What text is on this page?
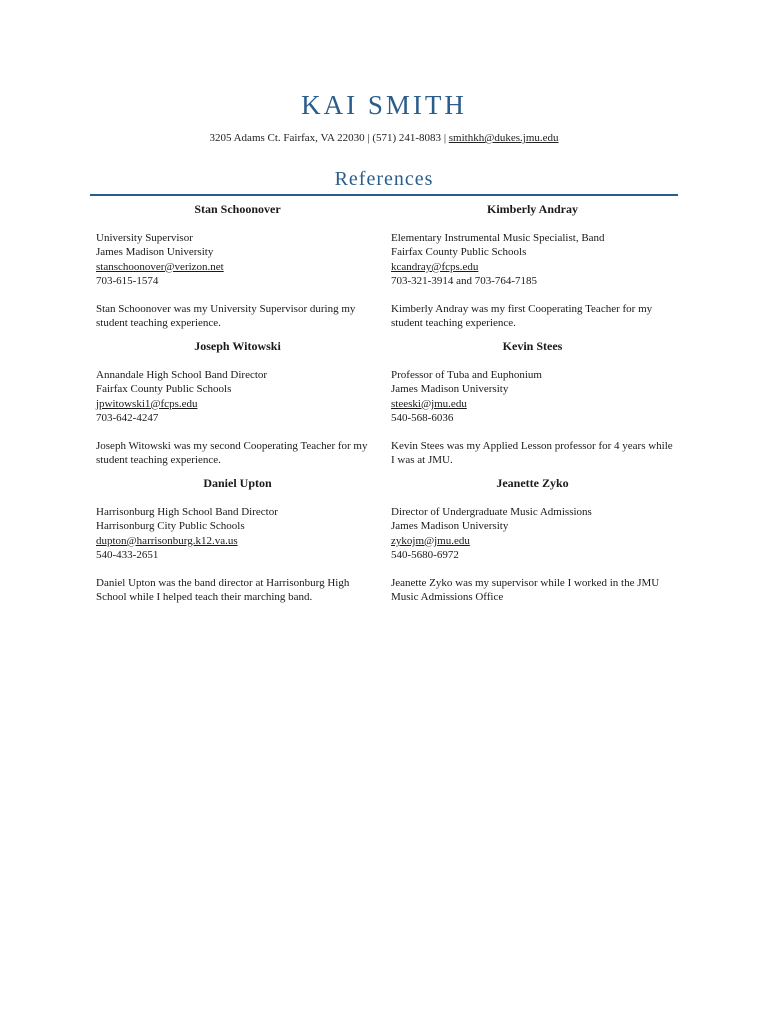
KAI SMITH
3205 Adams Ct. Fairfax, VA 22030 | (571) 241-8083 | smithkh@dukes.jmu.edu
References
Stan Schoonover
University Supervisor
James Madison University
stanschoonover@verizon.net
703-615-1574
Stan Schoonover was my University Supervisor during my student teaching experience.
Kimberly Andray
Elementary Instrumental Music Specialist, Band
Fairfax County Public Schools
kcandray@fcps.edu
703-321-3914 and 703-764-7185
Kimberly Andray was my first Cooperating Teacher for my student teaching experience.
Joseph Witowski
Annandale High School Band Director
Fairfax County Public Schools
jpwitowski1@fcps.edu
703-642-4247
Joseph Witowski was my second Cooperating Teacher for my student teaching experience.
Kevin Stees
Professor of Tuba and Euphonium
James Madison University
steeski@jmu.edu
540-568-6036
Kevin Stees was my Applied Lesson professor for 4 years while I was at JMU.
Daniel Upton
Harrisonburg High School Band Director
Harrisonburg City Public Schools
dupton@harrisonburg.k12.va.us
540-433-2651
Daniel Upton was the band director at Harrisonburg High School while I helped teach their marching band.
Jeanette Zyko
Director of Undergraduate Music Admissions
James Madison University
zykojm@jmu.edu
540-5680-6972
Jeanette Zyko was my supervisor while I worked in the JMU Music Admissions Office
